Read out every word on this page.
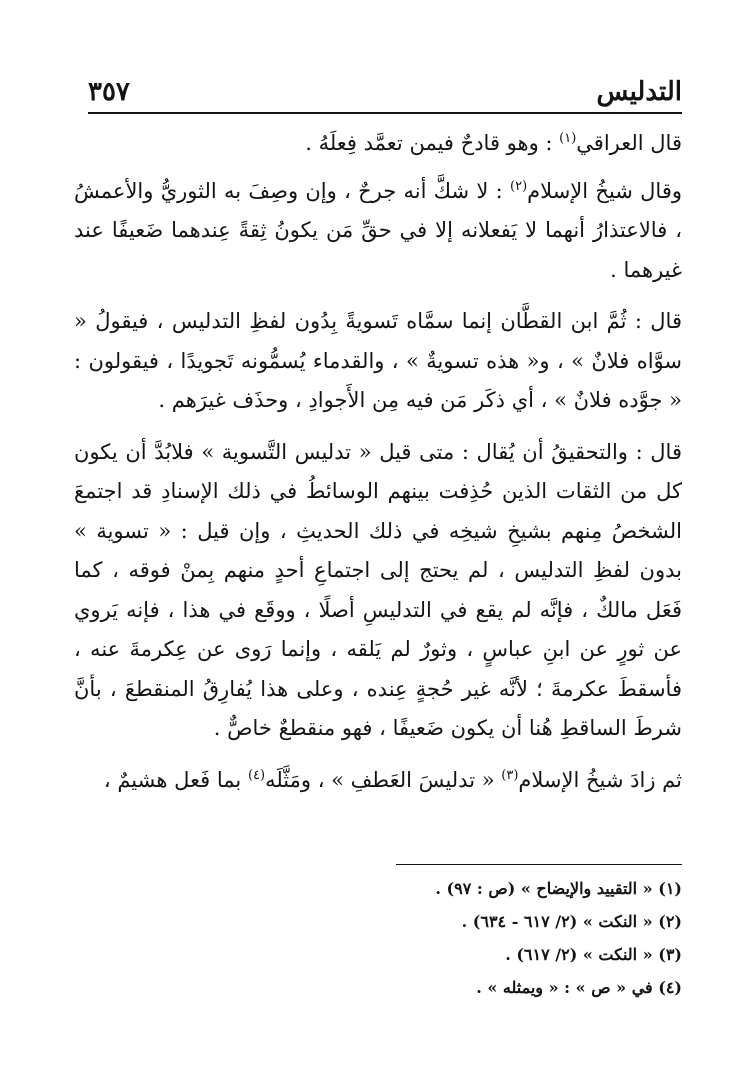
التدليس
٣٥٧

قال العراقي$^{(١)}$ : وهو قادحٌ فيمن تعمَّد فِعلَهُ .

وقال شيخُ الإسلام$^{(٢)}$ : لا شكَّ أنه جرحٌ ، وإن وصِفَ به الثوريُّ والأعمشُ ، فالاعتذارُ أنهما لا يَفعلانه إلا في حقِّ مَن يكونُ ثِقةً عِندهما ضَعيفًا عند غيرهما .

قال : ثُمَّ ابن القطَّان إنما سمَّاه تَسويةً بِدُون لفظِ التدليس ، فيقولُ « سوَّاه فلانٌ » ، و« هذه تسويةٌ » ، والقدماء يُسمُّونه تَجويدًا ، فيقولون : « جوَّده فلانٌ » ، أي ذكَر مَن فيه مِن الأَجوادِ ، وحذَف غيرَهم .

قال : والتحقيقُ أن يُقال : متى قيل « تدليس التَّسوية » فلابُدَّ أن يكون كل من الثقات الذين حُذِفت بينهم الوسائطُ في ذلك الإسنادِ قد اجتمعَ الشخصُ مِنهم بشيخِ شيخِه في ذلك الحديثِ ، وإن قيل : « تسوية » بدون لفظِ التدليس ، لم يحتج إلى اجتماعِ أحدٍ منهم بِمنْ فوقه ، كما فَعَل مالكٌ ، فإنَّه لم يقع في التدليسِ أصلًا ، ووقَع في هذا ، فإنه يَروي عن ثورٍ عن ابنِ عباسٍ ، وثورٌ لم يَلقه ، وإنما رَوى عن عِكرمةَ عنه ، فأسقطَ عكرمةَ ؛ لأنَّه غير حُجةٍ عِنده ، وعلى هذا يُفارِقُ المنقطعَ ، بأنَّ شرطَ الساقطِ هُنا أن يكون ضَعيفًا ، فهو منقطعٌ خاصٌّ .

ثم زادَ شيخُ الإسلام$^{(٣)}$ « تدليسَ العَطفِ » ، ومَثَّلَه$^{(٤)}$ بما فَعل هشيمٌ ،

(١) « التقييد والإيضاح » (ص : ٩٧) .

(٢) « النكت » (٢/ ٦١٧ - ٦٣٤) .

(٣) « النكت » (٢/ ٦١٧) .

(٤) في « ص » : « ويمثله » .
